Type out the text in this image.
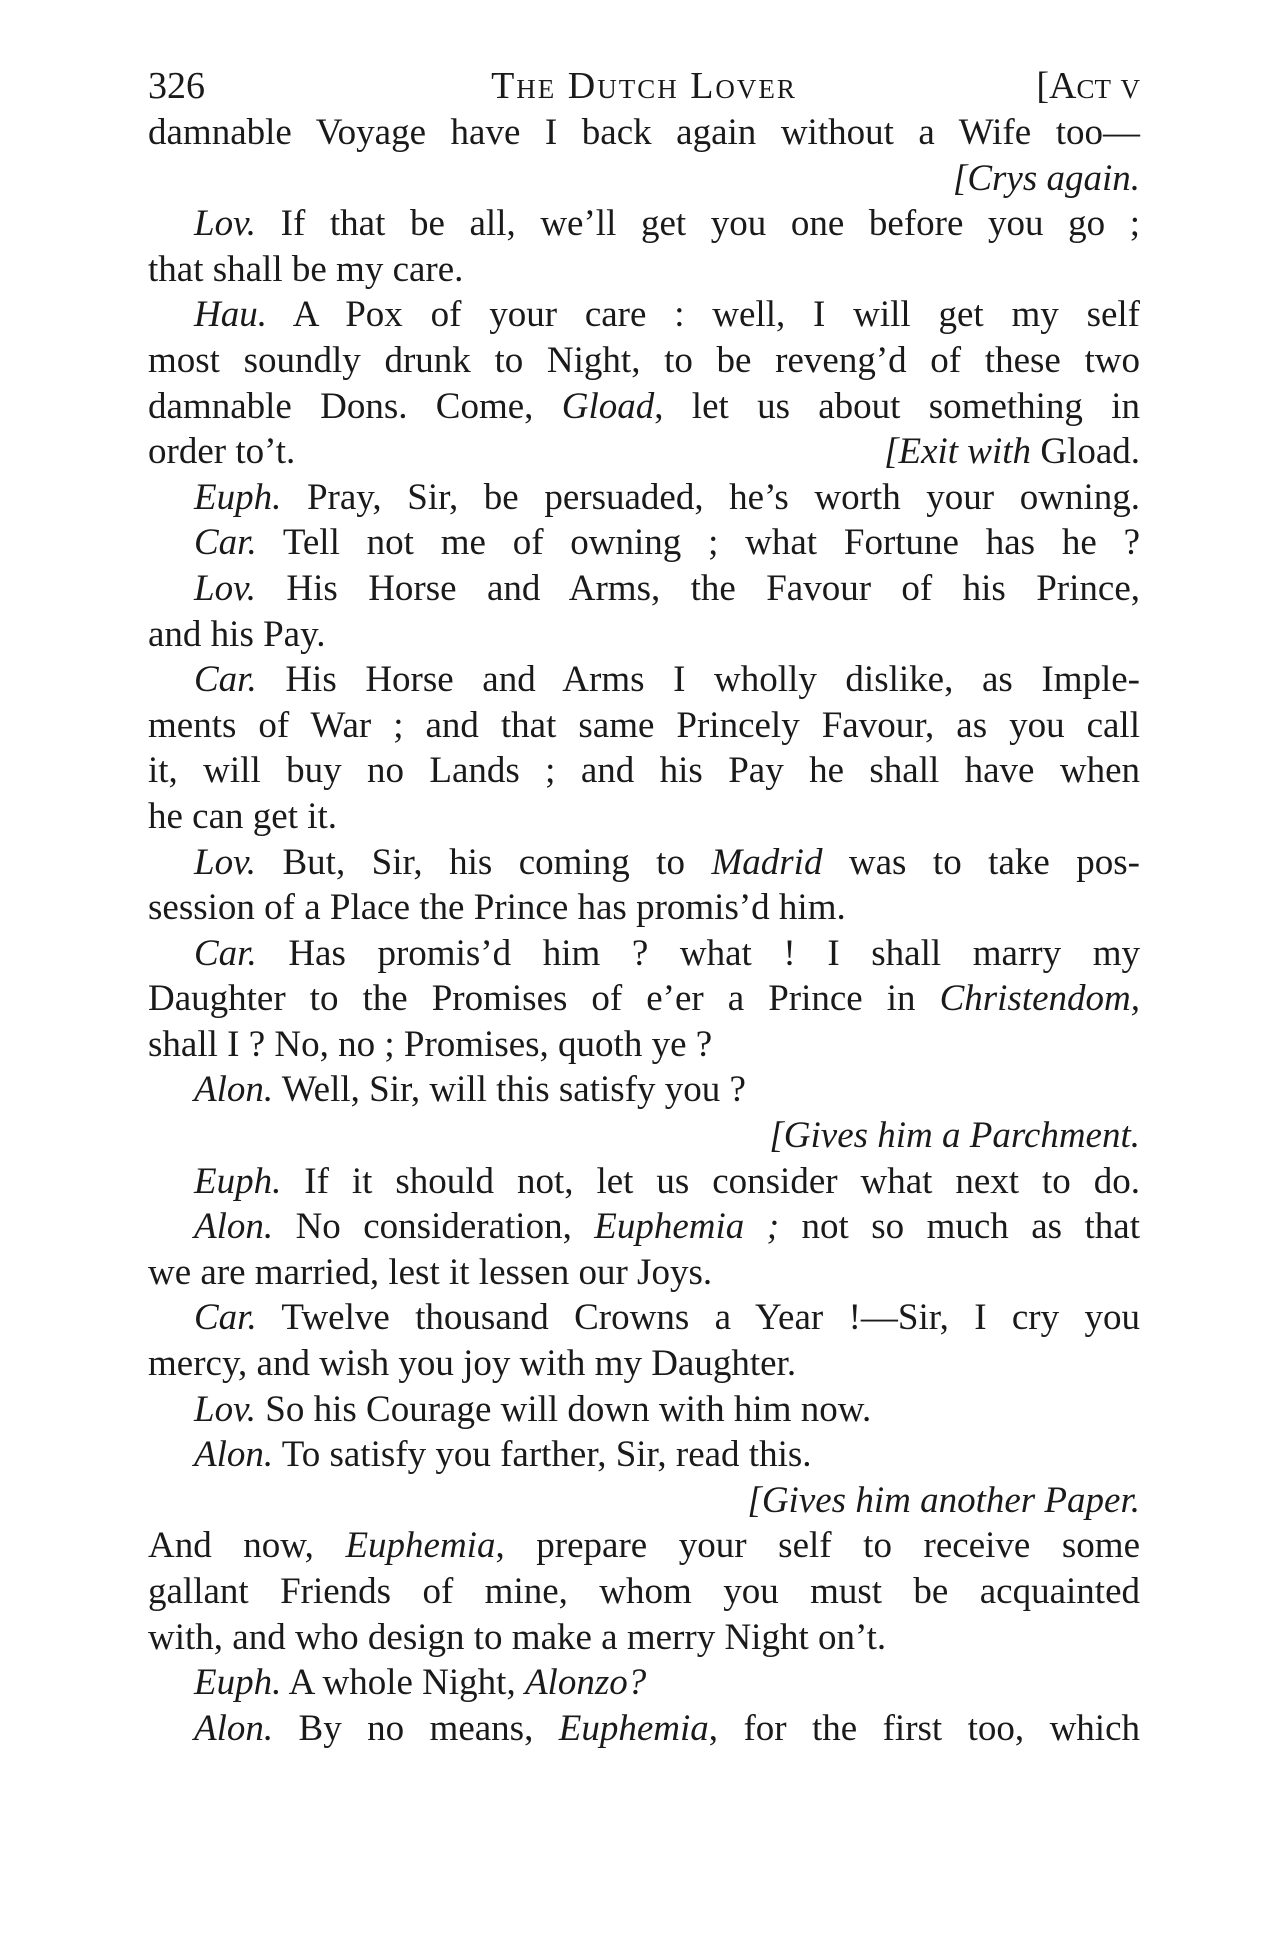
326	The Dutch Lover	[Act v
damnable Voyage have I back again without a Wife too—
[Crys again.
Lov. If that be all, we’ll get you one before you go ;
that shall be my care.
Hau. A Pox of your care : well, I will get my self
most soundly drunk to Night, to be reveng’d of these two
damnable Dons. Come, Gload, let us about something in
order to’t.	[Exit with Gload.
Euph. Pray, Sir, be persuaded, he’s worth your owning.
Car. Tell not me of owning ; what Fortune has he ?
Lov. His Horse and Arms, the Favour of his Prince,
and his Pay.
Car. His Horse and Arms I wholly dislike, as Imple-
ments of War ; and that same Princely Favour, as you call
it, will buy no Lands ; and his Pay he shall have when
he can get it.
Lov. But, Sir, his coming to Madrid was to take pos-
session of a Place the Prince has promis’d him.
Car. Has promis’d him ? what ! I shall marry my
Daughter to the Promises of e’er a Prince in Christendom,
shall I ? No, no ; Promises, quoth ye ?
Alon. Well, Sir, will this satisfy you ?
[Gives him a Parchment.
Euph. If it should not, let us consider what next to do.
Alon. No consideration, Euphemia ; not so much as that
we are married, lest it lessen our Joys.
Car. Twelve thousand Crowns a Year !—Sir, I cry you
mercy, and wish you joy with my Daughter.
Lov. So his Courage will down with him now.
Alon. To satisfy you farther, Sir, read this.
[Gives him another Paper.
And now, Euphemia, prepare your self to receive some
gallant Friends of mine, whom you must be acquainted
with, and who design to make a merry Night on’t.
Euph. A whole Night, Alonzo?
Alon. By no means, Euphemia, for the first too, which
